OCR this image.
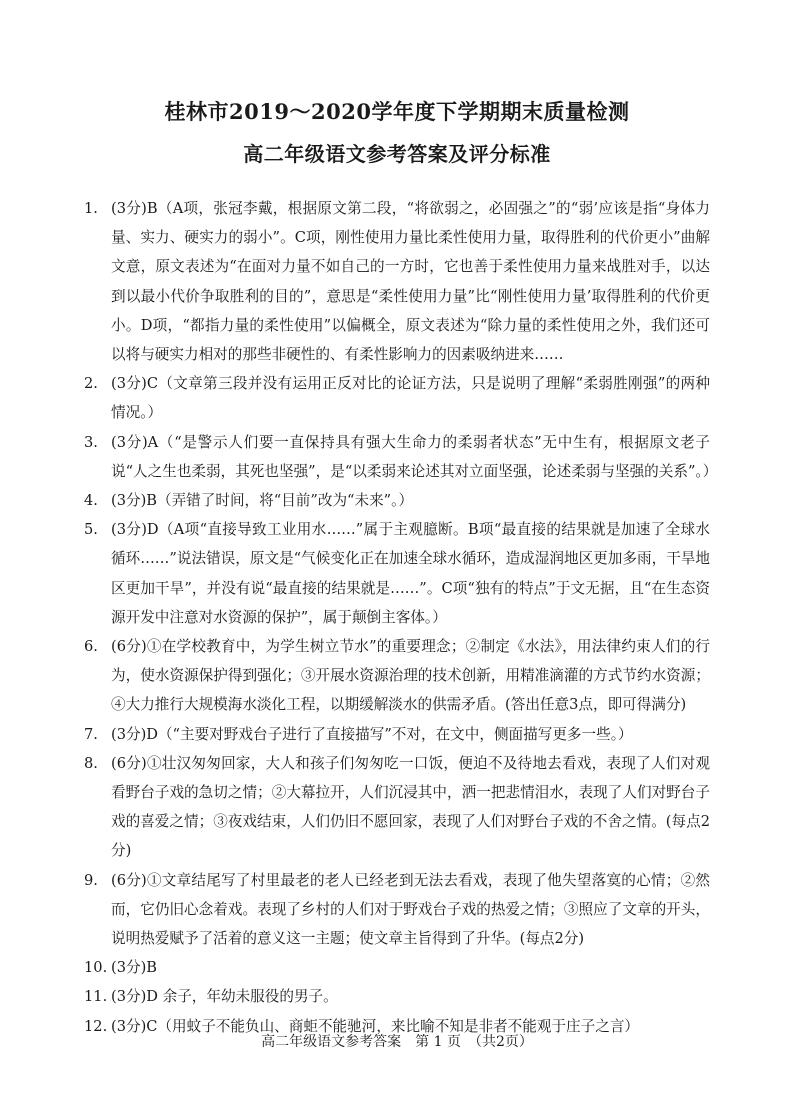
桂林市2019～2020学年度下学期期末质量检测
高二年级语文参考答案及评分标准
1. (3分)B（A项，张冠李戴，根据原文第二段，“将欲弱之，必固强之”的“弱’应该是指“身体力量、实力、硬实力的弱小”。C项，刚性使用力量比柔性使用力量，取得胜利的代价更小”曲解文意，原文表述为“在面对力量不如自己的一方时，它也善于柔性使用力量来战胜对手，以达到以最小代价争取胜利的目的”，意思是“柔性使用力量”比“刚性使用力量’取得胜利的代价更小。D项，“都指力量的柔性使用”以偏概全，原文表述为“除力量的柔性使用之外，我们还可以将与硬实力相对的那些非硬性的、有柔性影响力的因素吸纳进来……
2. (3分)C（文章第三段并没有运用正反对比的论证方法，只是说明了理解“柔弱胜刚强”的两种情况。）
3. (3分)A（“是警示人们要一直保持具有强大生命力的柔弱者状态”无中生有，根据原文老子说“人之生也柔弱，其死也坚强”，是“以柔弱来论述其对立面坚强，论述柔弱与坚强的关系”。）
4. (3分)B（弄错了时间，将“目前”改为“未来”。）
5. (3分)D（A项“直接导致工业用水……”属于主观臆断。B项“最直接的结果就是加速了全球水循环……”说法错误，原文是“气候变化正在加速全球水循环，造成湿润地区更加多雨，干旱地区更加干旱”，并没有说“最直接的结果就是……”。C项“独有的特点”于文无据，且“在生态资源开发中注意对水资源的保护”，属于颠倒主客体。）
6. (6分)①在学校教育中，为学生树立节水”的重要理念；②制定《水法》，用法律约束人们的行为，使水资源保护得到强化；③开展水资源治理的技术创新，用精准滴灌的方式节约水资源；④大力推行大规模海水淡化工程，以期缓解淡水的供需矛盾。(答出任意3点，即可得满分)
7. (3分)D（“主要对野戏台子进行了直接描写”不对，在文中，侧面描写更多一些。）
8. (6分)①壮汉匆匆回家，大人和孩子们匆匆吃一口饭，便迫不及待地去看戏，表现了人们对观看野台子戏的急切之情；②大幕拉开，人们沉浸其中，洒一把悲情泪水，表现了人们对野台子戏的喜爱之情；③夜戏结束，人们仍旧不愿回家，表现了人们对野台子戏的不舍之情。(每点2分)
9. (6分)①文章结尾写了村里最老的老人已经老到无法去看戏，表现了他失望落寞的心情；②然而，它仍旧心念着戏。表现了乡村的人们对于野戏台子戏的热爱之情；③照应了文章的开头，说明热爱赋予了活着的意义这一主题；使文章主旨得到了升华。(每点2分)
10. (3分)B
11. (3分)D 余子，年幼未服役的男子。
12. (3分)C（用蚊子不能负山、商蚷不能驰河，来比喻不知是非者不能观于庄子之言）
高二年级语文参考答案　第 1 页　（共2页）
